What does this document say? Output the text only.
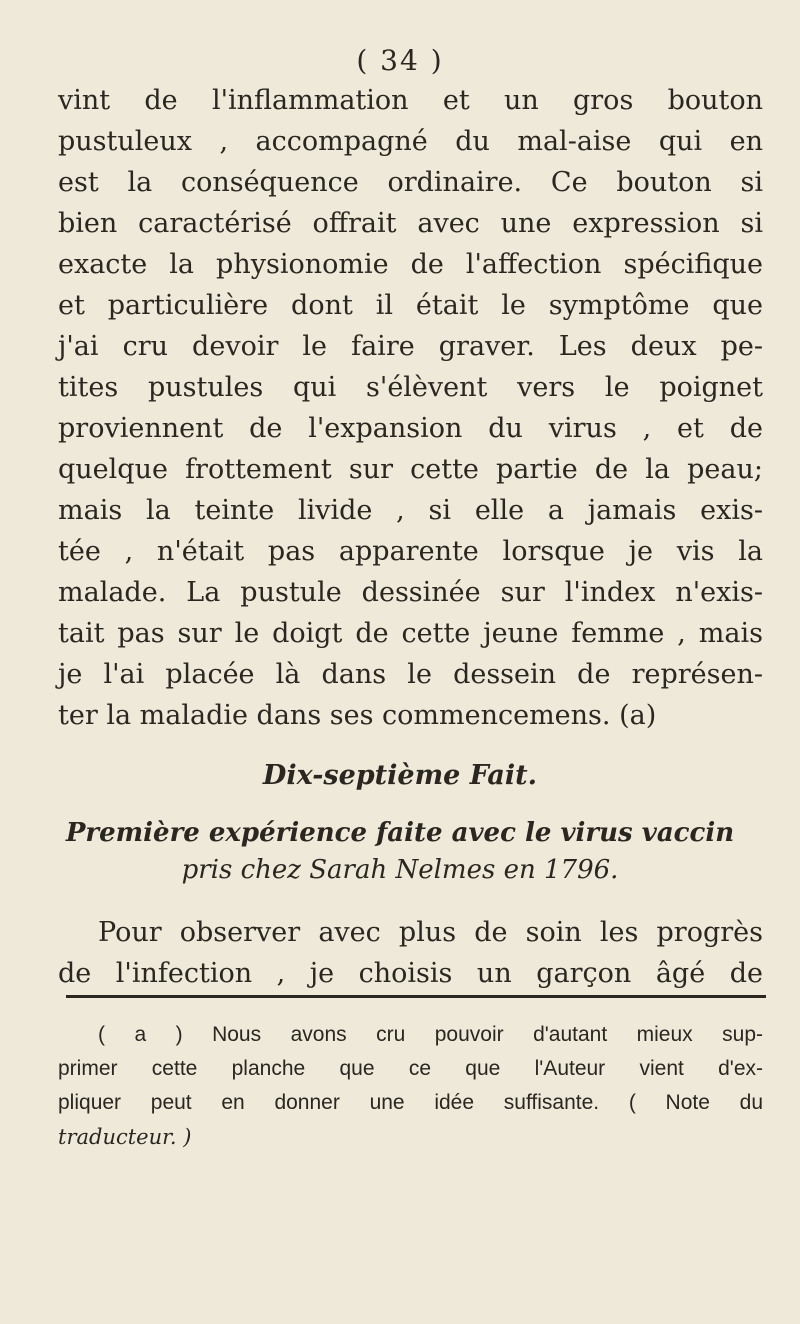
( 34 )
vint de l'inflammation et un gros bouton
pustuleux , accompagné du mal-aise qui en
est la conséquence ordinaire. Ce bouton si
bien caractérisé offrait avec une expression si
exacte la physionomie de l'affection spécifique
et particulière dont il était le symptôme que
j'ai cru devoir le faire graver. Les deux pe-
tites pustules qui s'élèvent vers le poignet
proviennent de l'expansion du virus , et de
quelque frottement sur cette partie de la peau;
mais la teinte livide , si elle a jamais exis-
tée , n'était pas apparente lorsque je vis la
malade. La pustule dessinée sur l'index n'exis-
tait pas sur le doigt de cette jeune femme , mais
je l'ai placée là dans le dessein de représen-
ter la maladie dans ses commencemens. (a)
Dix-septième Fait.
Première expérience faite avec le virus vaccin
pris chez Sarah Nelmes en 1796.
Pour observer avec plus de soin les progrès
de l'infection , je choisis un garçon âgé de
( a ) Nous avons cru pouvoir d'autant mieux sup-
primer cette planche que ce que l'Auteur vient d'ex-
pliquer peut en donner une idée suffisante. ( Note du
traducteur. )
